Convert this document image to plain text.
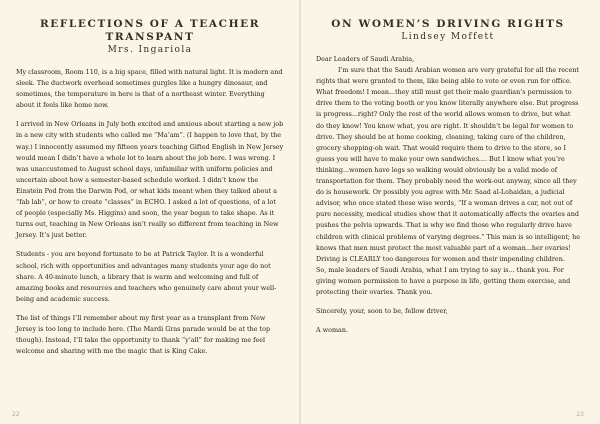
REFLECTIONS OF A TEACHER TRANSPANT
Mrs. Ingariola

My classroom, Room 110, is a big space, filled with natural light. It is modern and sleek. The ductwork overhead sometimes gurgles like a hungry dinosaur, and sometimes, the temperature in here is that of a northeast winter. Everything about it feels like home now.

I arrived in New Orleans in July both excited and anxious about starting a new job in a new city with students who called me “Ma’am”. (I happen to love that, by the way.) I innocently assumed my fifteen years teaching Gifted English in New Jersey would mean I didn’t have a whole lot to learn about the job here. I was wrong. I was unaccustomed to August school days, unfamiliar with uniform policies and uncertain about how a semester-based schedule worked. I didn’t know the Einstein Pod from the Darwin Pod, or what kids meant when they talked about a “fab lab”, or how to create “classes” in ECHO. I asked a lot of questions, of a lot of people (especially Ms. Higgins) and soon, the year began to take shape. As it turns out, teaching in New Orleans isn’t really so different from teaching in New Jersey. It’s just better.

Students - you are beyond fortunate to be at Patrick Taylor. It is a wonderful school, rich with opportunities and advantages many students your age do not share. A 40-minute lunch, a library that is warm and welcoming and full of amazing books and resources and teachers who genuinely care about your well-being and academic success.

The list of things I’ll remember about my first year as a transplant from New Jersey is too long to include here. (The Mardi Gras parade would be at the top though). Instead, I’ll take the opportunity to thank “y’all” for making me feel welcome and sharing with me the magic that is King Cake.

22
ON WOMEN’S DRIVING RIGHTS
Lindsey Moffett

Dear Leaders of Saudi Arabia,

I’m sure that the Saudi Arabian women are very grateful for all the recent rights that were granted to them, like being able to vote or even run for office. What freedom! I mean...they still must get their male guardian’s permission to drive them to the voting booth or you know literally anywhere else. But progress is progress...right? Only the rest of the world allows women to drive, but what do they know! You know what, you are right. It shouldn’t be legal for women to drive. They should be at home cooking, cleaning, taking care of the children, grocery shopping-oh wait. That would require them to drive to the store, so I guess you will have to make your own sandwiches.... But I know what you’re thinking...women have legs so walking would obviously be a valid mode of transportation for them. They probably need the work-out anyway, since all they do is housework. Or possibly you agree with Mr. Saad al-Lohaidan, a judicial advisor, who once stated these wise words, “If a woman drives a car, not out of pure necessity, medical studies show that it automatically affects the ovaries and pushes the pelvis upwards. That is why we find those who regularly drive have children with clinical problems of varying degrees.” This man is so intelligent; he knows that men must protect the most valuable part of a woman...her ovaries! Driving is CLEARLY too dangerous for women and their impending children.

So, male leaders of Saudi Arabia, what I am trying to say is... thank you. For giving women permission to have a purpose in life, getting them exercise, and protecting their ovaries. Thank you.

Sincerely, your, soon to be, fellow driver,

A woman.

23
